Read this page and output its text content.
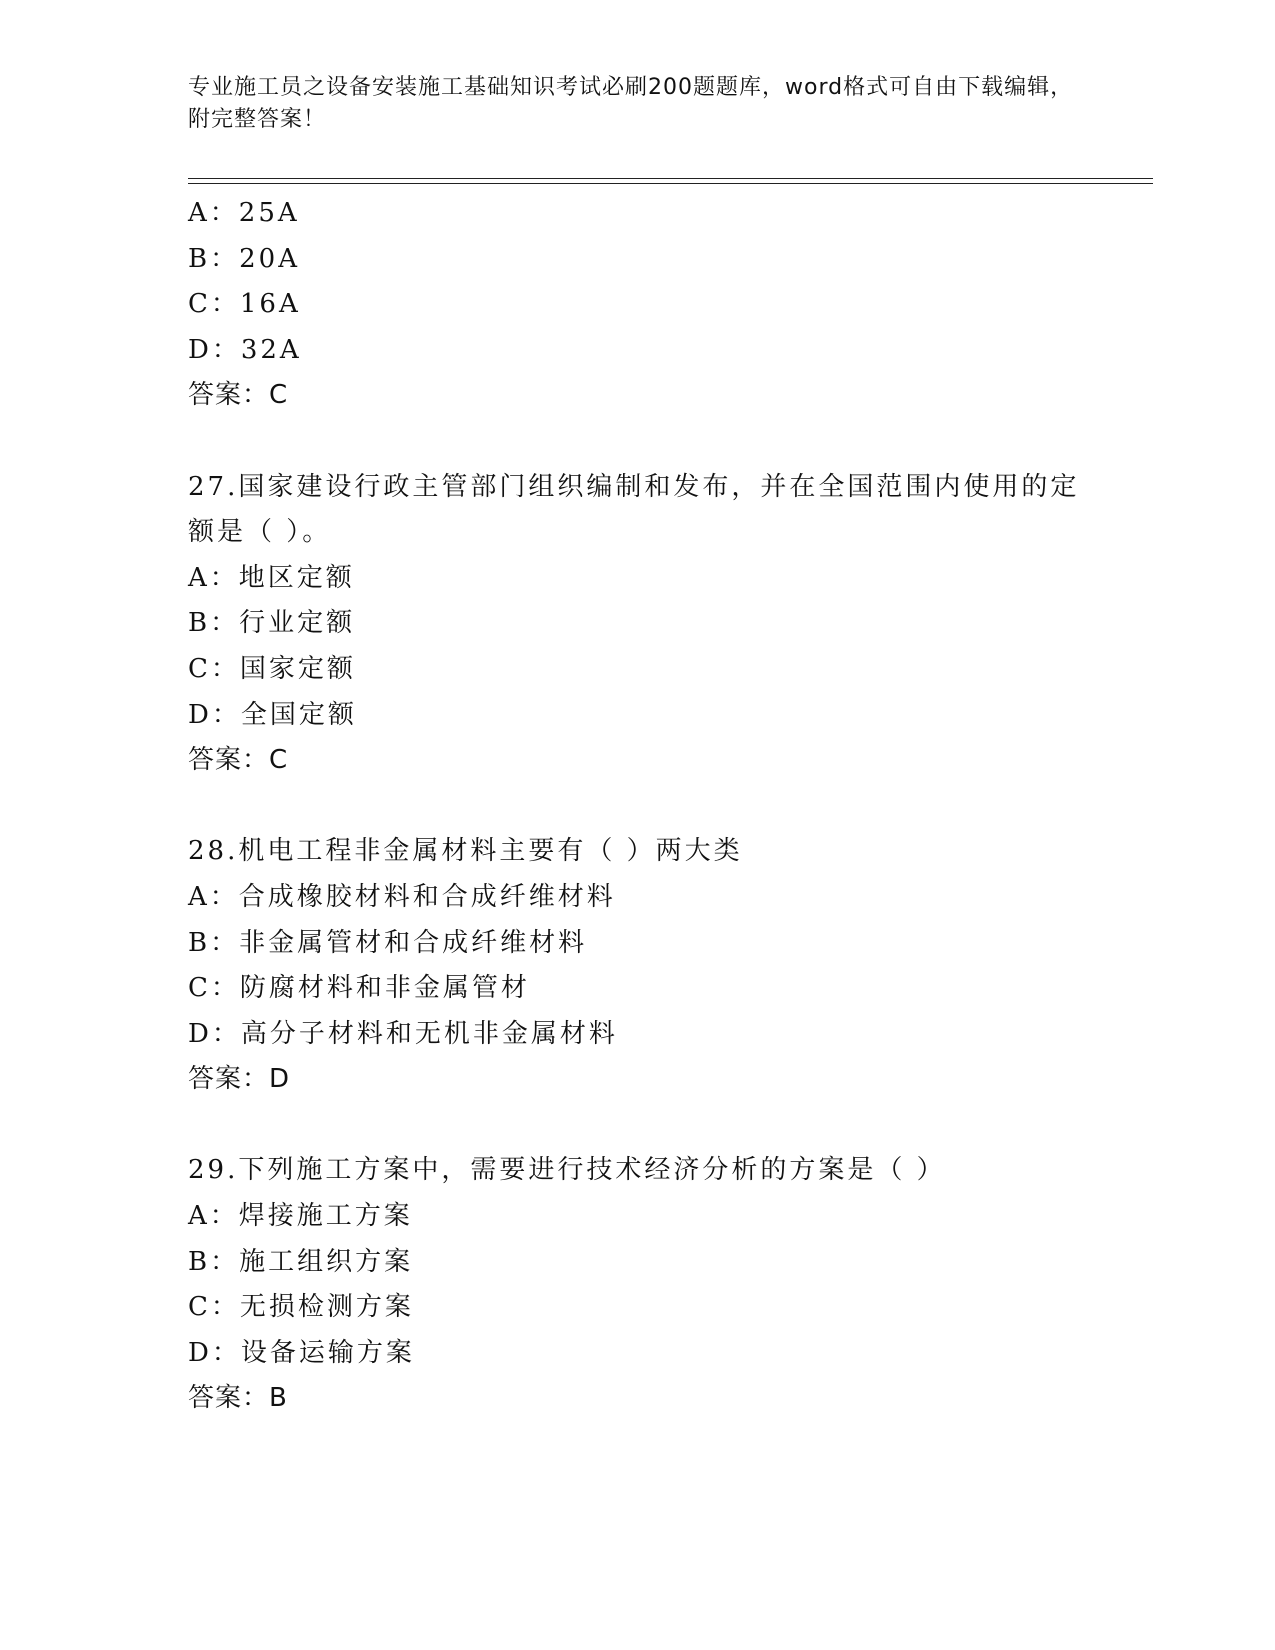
专业施工员之设备安装施工基础知识考试必刷200题题库，word格式可自由下载编辑，附完整答案！
A：25A
B：20A
C：16A
D：32A
答案：C
27.国家建设行政主管部门组织编制和发布，并在全国范围内使用的定额是（ ）。
A：地区定额
B：行业定额
C：国家定额
D：全国定额
答案：C
28.机电工程非金属材料主要有（ ）两大类
A：合成橡胶材料和合成纤维材料
B：非金属管材和合成纤维材料
C：防腐材料和非金属管材
D：高分子材料和无机非金属材料
答案：D
29.下列施工方案中，需要进行技术经济分析的方案是（ ）
A：焊接施工方案
B：施工组织方案
C：无损检测方案
D：设备运输方案
答案：B
